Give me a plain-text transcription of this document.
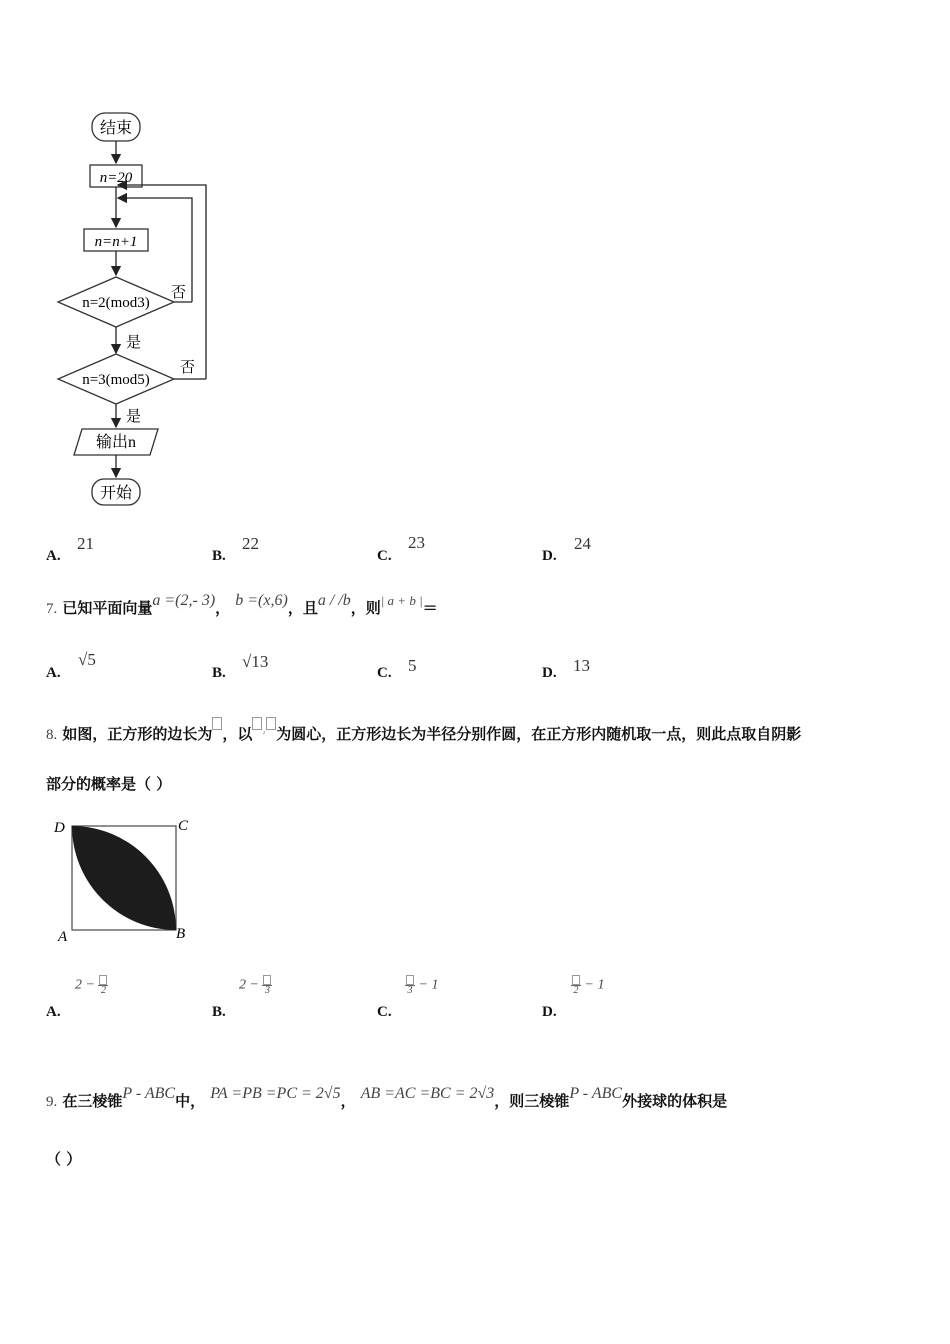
结束
n=20
n=n+1
n=2(mod3)
否
是
n=3(mod5)
否
是
输出n
开始
A.
21
B.
22
C.
23
D.
24
7. 已知平面向量a =(2,- 3)， b =(x,6)，且a / /b，则$^{| a + b |}$＝
A.
√5
B.
√13
C. 5	D. 13
8. 如图，正方形的边长为 ，以 , 为圆心，正方形边长为半径分别作圆，在正方形内随机取一点，则此点取自阴影
部分的概率是（ ）
D	C
A	B
A.
2 − 2
B.
2 − 3
C.
3 − 1
D.
2 − 1
9. 在三棱锥P - ABC中， PA =PB =PC = 2√5， AB =AC =BC = 2√3，则三棱锥P - ABC外接球的体积是
（ ）
